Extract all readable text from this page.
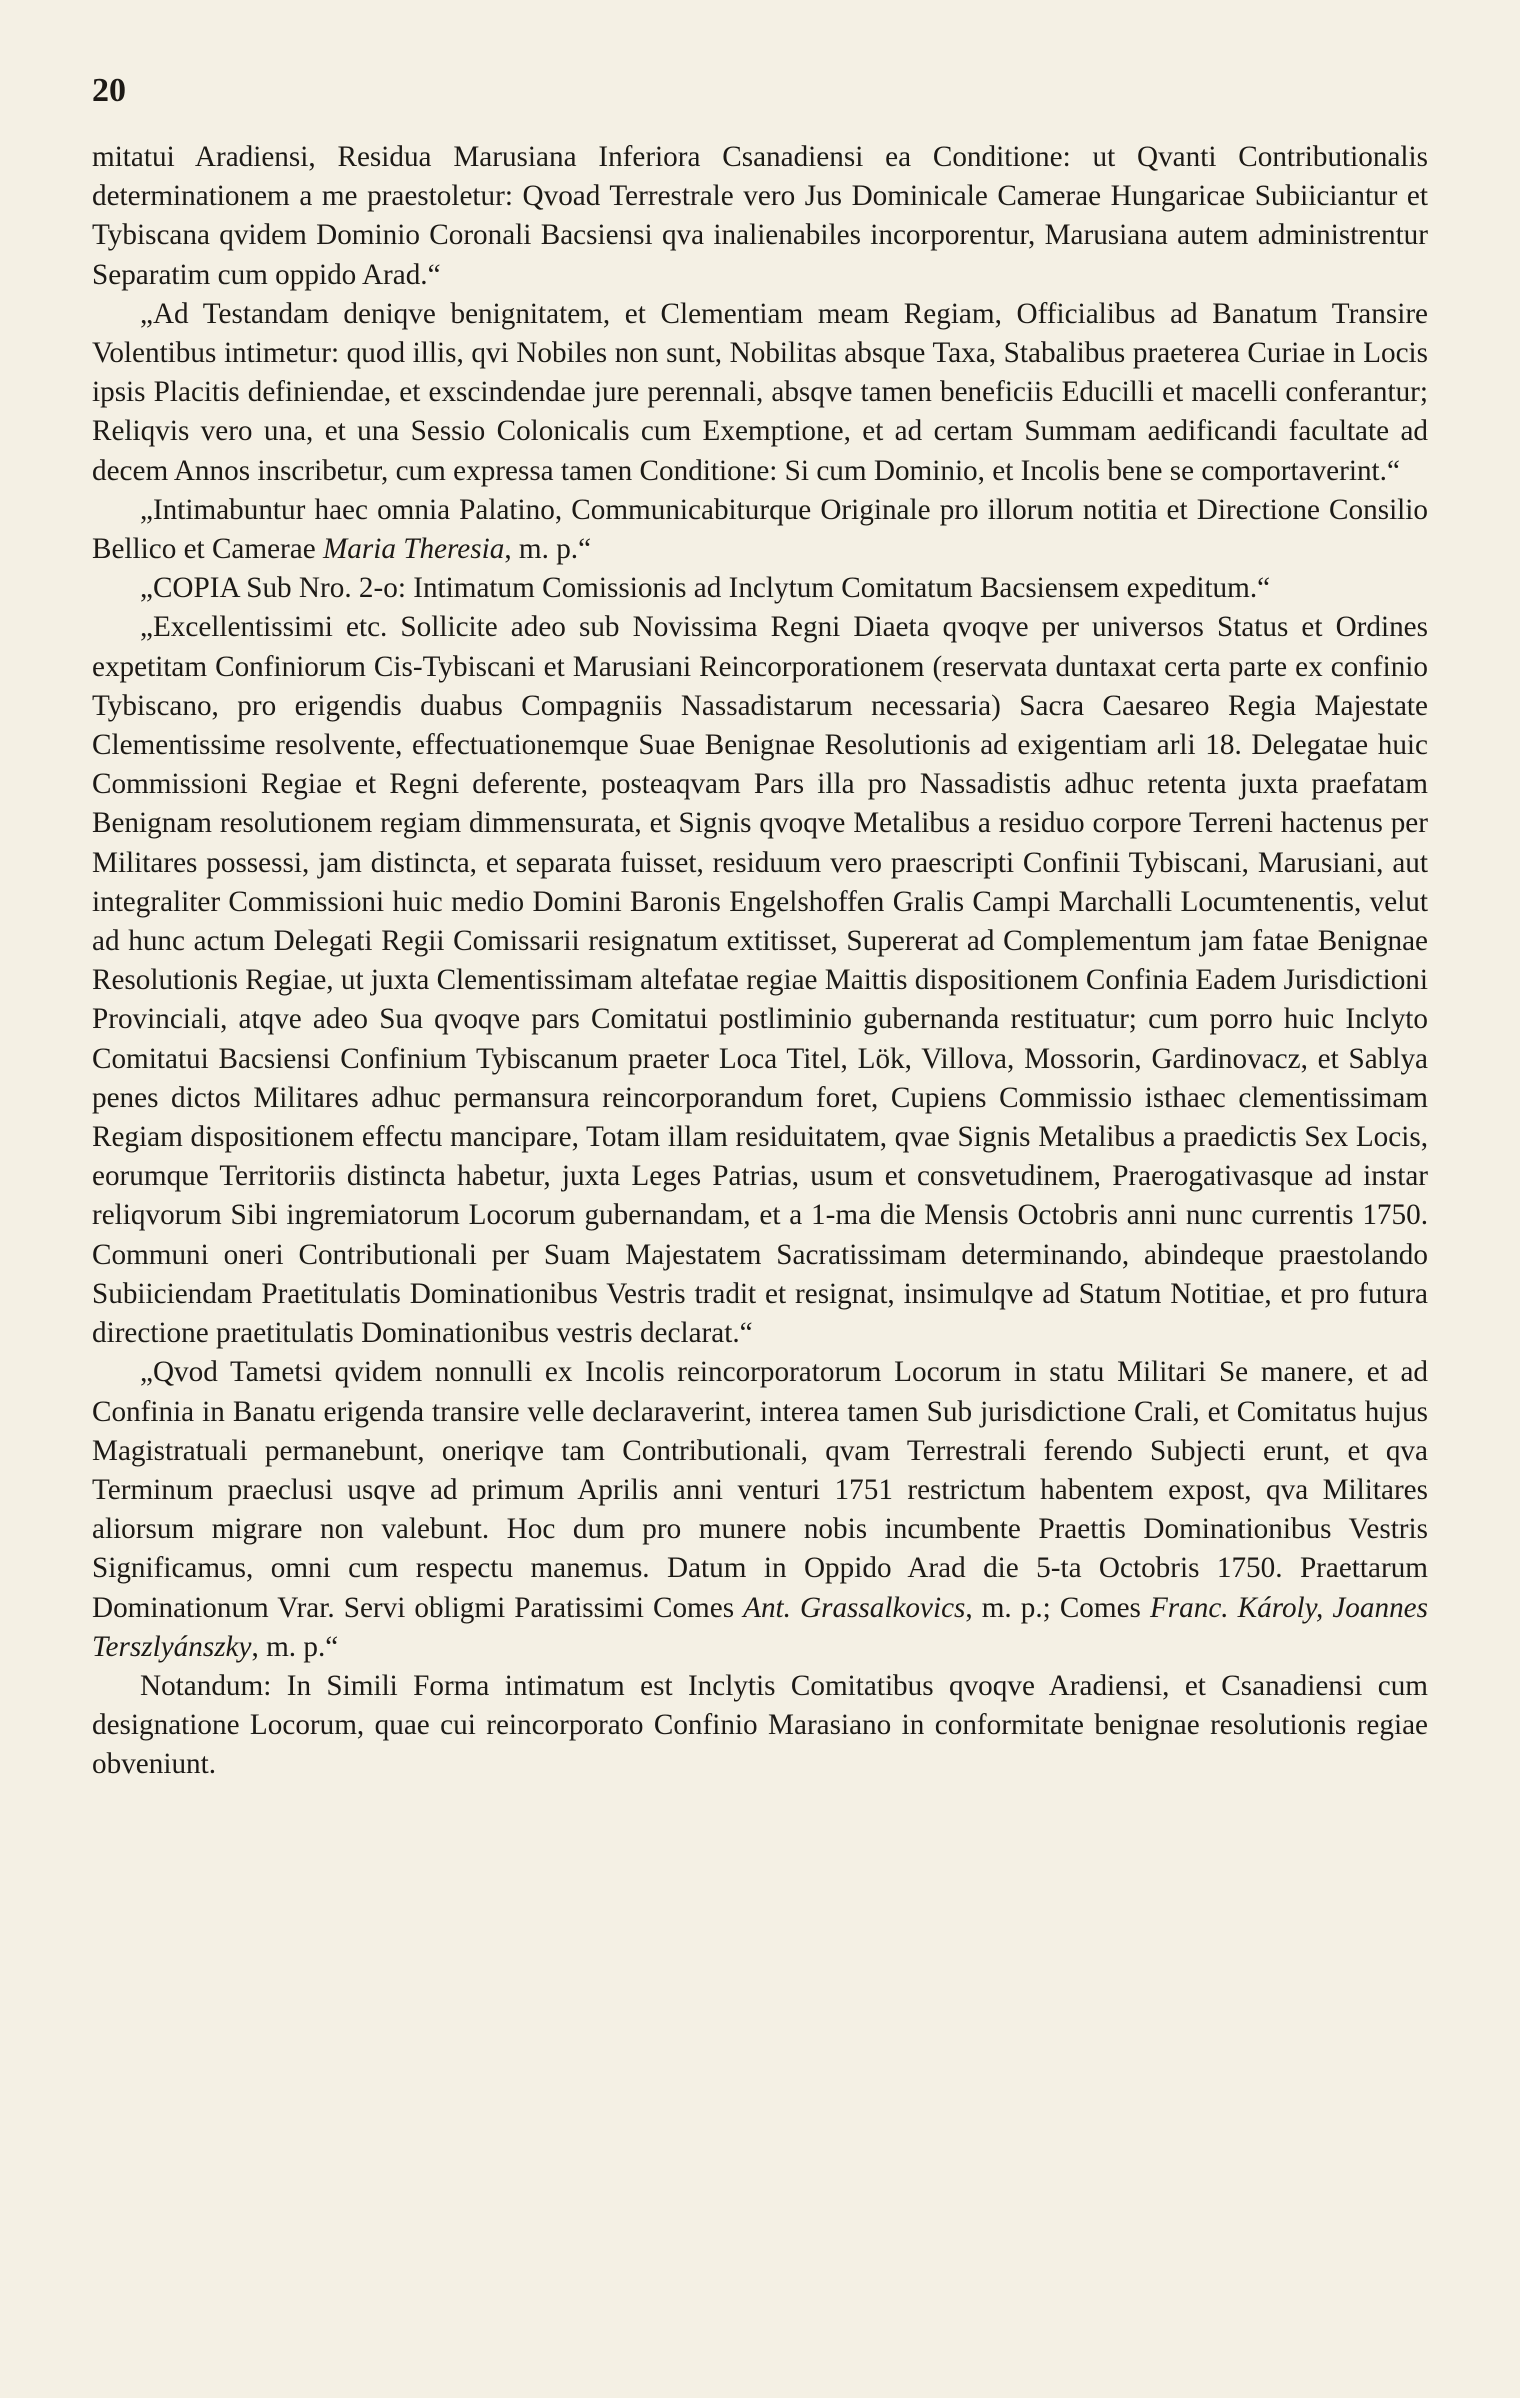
20

mitatui Aradiensi, Residua Marusiana Inferiora Csanadiensi ea Conditione: ut Qvanti Contributionalis determinationem a me praestoletur: Qvoad Terrestrale vero Jus Dominicale Camerae Hungaricae Subiiciantur et Tybiscana qvidem Dominio Coronali Bacsiensi qva inalienabiles incorporentur, Marusiana autem administrentur Separatim cum oppido Arad.“

„Ad Testandam deniqve benignitatem, et Clementiam meam Regiam, Officialibus ad Banatum Transire Volentibus intimetur: quod illis, qvi Nobiles non sunt, Nobilitas absque Taxa, Stabalibus praeterea Curiae in Locis ipsis Placitis definiendae, et exscindendae jure perennali, absqve tamen beneficiis Educilli et macelli conferantur; Reliqvis vero una, et una Sessio Colonicalis cum Exemptione, et ad certam Summam aedificandi facultate ad decem Annos inscribetur, cum expressa tamen Conditione: Si cum Dominio, et Incolis bene se comportaverint.“

„Intimabuntur haec omnia Palatino, Communicabiturque Originale pro illorum notitia et Directione Consilio Bellico et Camerae Maria Theresia, m. p.“

„COPIA Sub Nro. 2-o: Intimatum Comissionis ad Inclytum Comitatum Bacsiensem expeditum.“

„Excellentissimi etc. Sollicite adeo sub Novissima Regni Diaeta qvoqve per universos Status et Ordines expetitam Confiniorum Cis-Tybiscani et Marusiani Reincorporationem (reservata duntaxat certa parte ex confinio Tybiscano, pro erigendis duabus Compagniis Nassadistarum necessaria) Sacra Caesareo Regia Majestate Clementissime resolvente, effectuationemque Suae Benignae Resolutionis ad exigentiam arli 18. Delegatae huic Commissioni Regiae et Regni deferente, posteaqvam Pars illa pro Nassadistis adhuc retenta juxta praefatam Benignam resolutionem regiam dimmensurata, et Signis qvoqve Metalibus a residuo corpore Terreni hactenus per Militares possessi, jam distincta, et separata fuisset, residuum vero praescripti Confinii Tybiscani, Marusiani, aut integraliter Commissioni huic medio Domini Baronis Engelshoffen Gralis Campi Marchalli Locumtenentis, velut ad hunc actum Delegati Regii Comissarii resignatum extitisset, Supererat ad Complementum jam fatae Benignae Resolutionis Regiae, ut juxta Clementissimam altefatae regiae Maittis dispositionem Confinia Eadem Jurisdictioni Provinciali, atqve adeo Sua qvoqve pars Comitatui postliminio gubernanda restituatur; cum porro huic Inclyto Comitatui Bacsiensi Confinium Tybiscanum praeter Loca Titel, Lök, Villova, Mossorin, Gardinovacz, et Sablya penes dictos Militares adhuc permansura reincorporandum foret, Cupiens Commissio isthaec clementissimam Regiam dispositionem effectu mancipare, Totam illam residuitatem, qvae Signis Metalibus a praedictis Sex Locis, eorumque Territoriis distincta habetur, juxta Leges Patrias, usum et consvetudinem, Praerogativasque ad instar reliqvorum Sibi ingremiatorum Locorum gubernandam, et a 1-ma die Mensis Octobris anni nunc currentis 1750. Communi oneri Contributionali per Suam Majestatem Sacratissimam determinando, abindeque praestolando Subiiciendam Praetitulatis Dominationibus Vestris tradit et resignat, insimulqve ad Statum Notitiae, et pro futura directione praetitulatis Dominationibus vestris declarat.“

„Qvod Tametsi qvidem nonnulli ex Incolis reincorporatorum Locorum in statu Militari Se manere, et ad Confinia in Banatu erigenda transire velle declaraverint, interea tamen Sub jurisdictione Crali, et Comitatus hujus Magistratuali permanebunt, oneriqve tam Contributionali, qvam Terrestrali ferendo Subjecti erunt, et qva Terminum praeclusi usqve ad primum Aprilis anni venturi 1751 restrictum habentem expost, qva Militares aliorsum migrare non valebunt. Hoc dum pro munere nobis incumbente Praettis Dominationibus Vestris Significamus, omni cum respectu manemus. Datum in Oppido Arad die 5-ta Octobris 1750. Praettarum Dominationum Vrar. Servi obligmi Paratissimi Comes Ant. Grassalkovics, m. p.; Comes Franc. Károly, Joannes Terszlyánszky, m. p.“

Notandum: In Simili Forma intimatum est Inclytis Comitatibus qvoqve Aradiensi, et Csanadiensi cum designatione Locorum, quae cui reincorporato Confinio Marasiano in conformitate benignae resolutionis regiae obveniunt.
